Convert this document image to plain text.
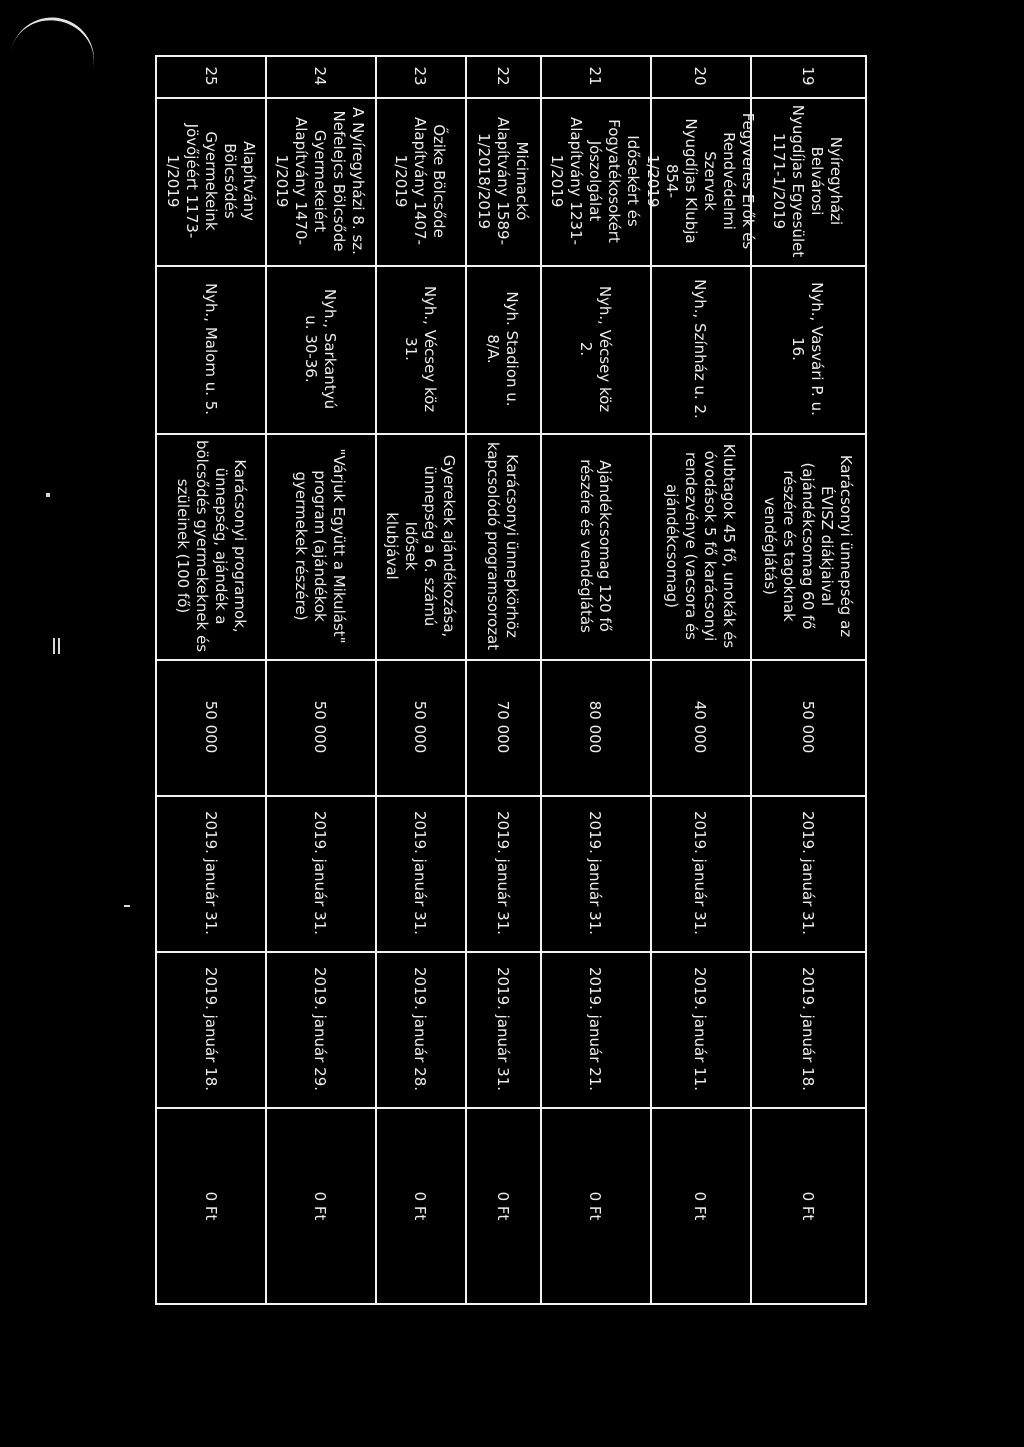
19
Nyíregyházi Belvárosi
Nyugdíjas Egyesület
1171-1/2019
Nyh., Vasvári P. u.
16.
Karácsonyi ünnepség az
ÉVISZ diákjaival
(ajándékcsomag 60 fő
részére és tagoknak
vendéglátás)
50 000
2019. január 31.
2019. január 18.
0 Ft
20
Fegyveres Erők és
Rendvédelmi Szervek
Nyugdíjas Klubja 854-
1/2019
Nyh., Színház u. 2.
Klubtagok 45 fő, unokák és
óvodások 5 fő karácsonyi
rendezvénye (vacsora és
ajándékcsomag)
40 000
2019. január 31.
2019. január 11.
0 Ft
21
Idősekért és
Fogyatékosokért
Jószolgálat
Alapítvány 1231-
1/2019
Nyh., Vécsey köz
2.
Ajándékcsomag 120 fő
részére és vendéglátás
80 000
2019. január 31.
2019. január 21.
0 Ft
22
Micimackó
Alapítvány 1589-
1/2018/2019
Nyh. Stadion u.
8/A.
Karácsonyi ünnepkörhöz
kapcsolódó programsorozat
70 000
2019. január 31.
2019. január 31.
0 Ft
23
Őzike Bölcsőde
Alapítvány 1407-
1/2019
Nyh., Vécsey köz
31.
Gyerekek ajándékozása,
ünnepség a 6. számú Idősek
klubjával
50 000
2019. január 31.
2019. január 28.
0 Ft
24
A Nyíregyházi 8. sz.
Nefelejcs Bölcsőde
Gyermekeiért
Alapítvány 1470-
1/2019
Nyh., Sarkantyú
u. 30-36.
"Várjuk Együtt a Mikulást"
program (ajándékok
gyermekek részére)
50 000
2019. január 31.
2019. január 29.
0 Ft
25
Alapítvány Bölcsődés
Gyermekeink
Jövőjéért 1173-
1/2019
Nyh., Malom u. 5.
Karácsonyi programok,
ünnepség, ajándék a
bölcsődés gyermekeknek és
szüleinek (100 fő)
50 000
2019. január 31.
2019. január 18.
0 Ft
